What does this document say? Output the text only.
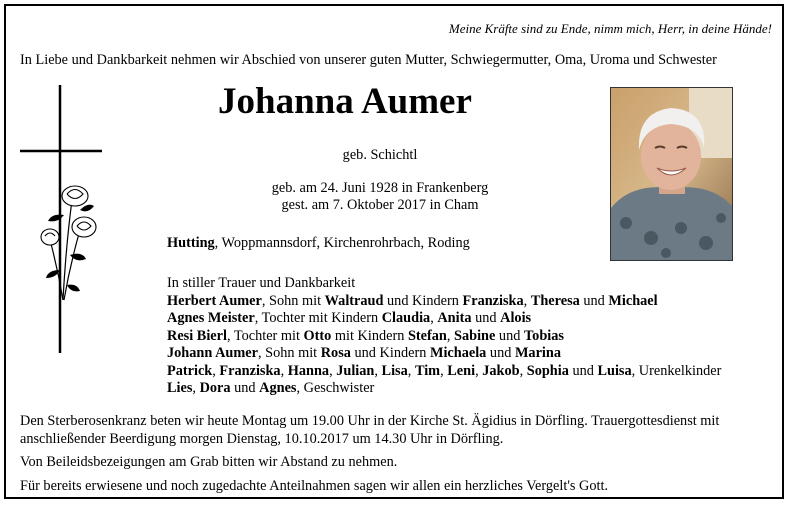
Meine Kräfte sind zu Ende, nimm mich, Herr, in deine Hände!
In Liebe und Dankbarkeit nehmen wir Abschied von unserer guten Mutter, Schwiegermutter, Oma, Uroma und Schwester
Johanna Aumer
geb. Schichtl
geb. am 24. Juni 1928 in Frankenberg
gest. am 7. Oktober 2017 in Cham
Hutting, Woppmannsdorf, Kirchenrohrbach, Roding
In stiller Trauer und Dankbarkeit
Herbert Aumer, Sohn mit Waltraud und Kindern Franziska, Theresa und Michael
Agnes Meister, Tochter mit Kindern Claudia, Anita und Alois
Resi Bierl, Tochter mit Otto mit Kindern Stefan, Sabine und Tobias
Johann Aumer, Sohn mit Rosa und Kindern Michaela und Marina
Patrick, Franziska, Hanna, Julian, Lisa, Tim, Leni, Jakob, Sophia und Luisa, Urenkelkinder
Lies, Dora und Agnes, Geschwister

Den Sterberosenkranz beten wir heute Montag um 19.00 Uhr in der Kirche St. Ägidius in Dörfling. Trauergottesdienst mit anschließender Beerdigung morgen Dienstag, 10.10.2017 um 14.30 Uhr in Dörfling.

Von Beileidsbezeigungen am Grab bitten wir Abstand zu nehmen.

Für bereits erwiesene und noch zugedachte Anteilnahmen sagen wir allen ein herzliches Vergelt's Gott.
